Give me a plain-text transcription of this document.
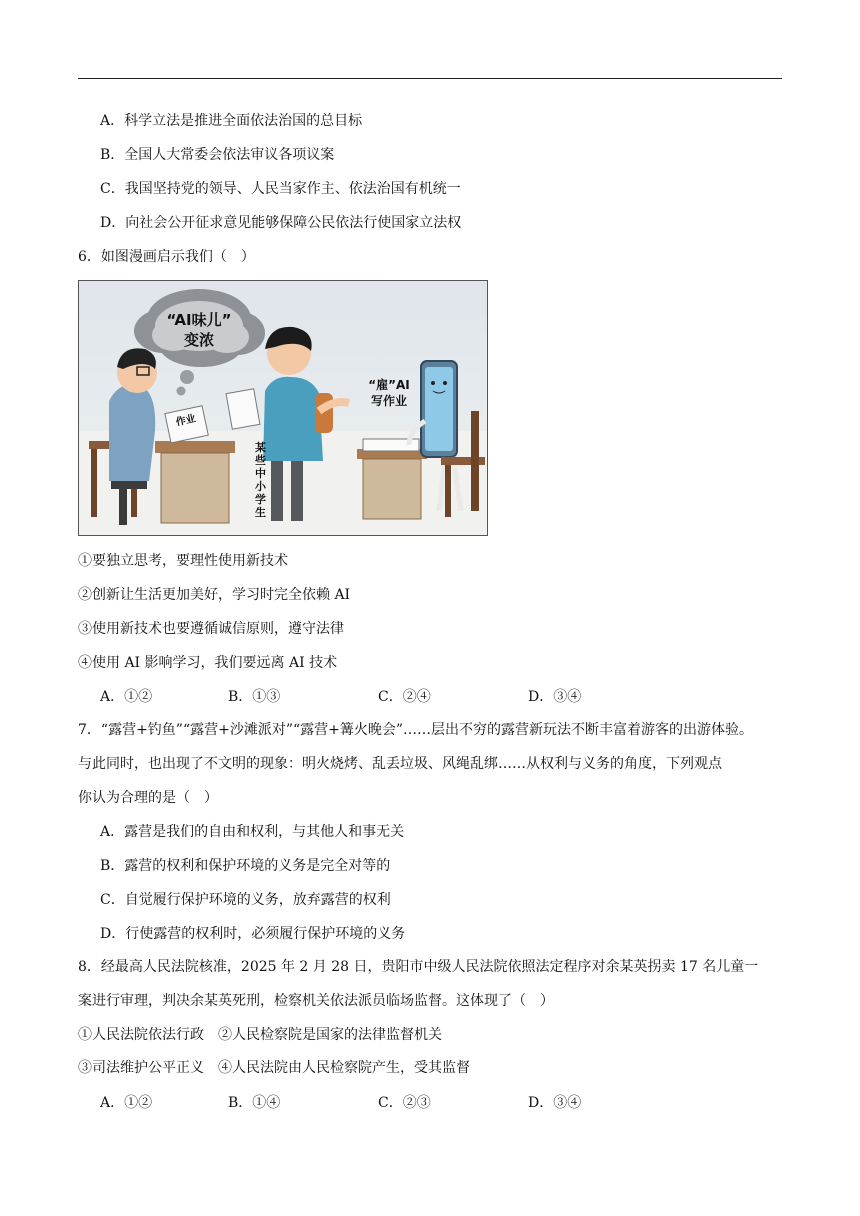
A．科学立法是推进全面依法治国的总目标
B．全国人大常委会依法审议各项议案
C．我国坚持党的领导、人民当家作主、依法治国有机统一
D．向社会公开征求意见能够保障公民依法行使国家立法权
6．如图漫画启示我们（　）
“AI味儿”
变浓
作业
某 些 中 小 学 生
“雇”AI
写作业
①要独立思考，要理性使用新技术
②创新让生活更加美好，学习时完全依赖 AI
③使用新技术也要遵循诚信原则，遵守法律
④使用 AI 影响学习，我们要远离 AI 技术
A．①②	B．①③	C．②④	D．③④
7．“露营+钓鱼”“露营+沙滩派对”“露营+篝火晚会”……层出不穷的露营新玩法不断丰富着游客的出游体验。
与此同时，也出现了不文明的现象：明火烧烤、乱丢垃圾、风绳乱绑……从权利与义务的角度，下列观点
你认为合理的是（　）
A．露营是我们的自由和权利，与其他人和事无关
B．露营的权利和保护环境的义务是完全对等的
C．自觉履行保护环境的义务，放弃露营的权利
D．行使露营的权利时，必须履行保护环境的义务
8．经最高人民法院核准，2025 年 2 月 28 日，贵阳市中级人民法院依照法定程序对余某英拐卖 17 名儿童一
案进行审理，判决余某英死刑，检察机关依法派员临场监督。这体现了（　）
①人民法院依法行政　②人民检察院是国家的法律监督机关
③司法维护公平正义　④人民法院由人民检察院产生，受其监督
A．①②	B．①④	C．②③	D．③④
